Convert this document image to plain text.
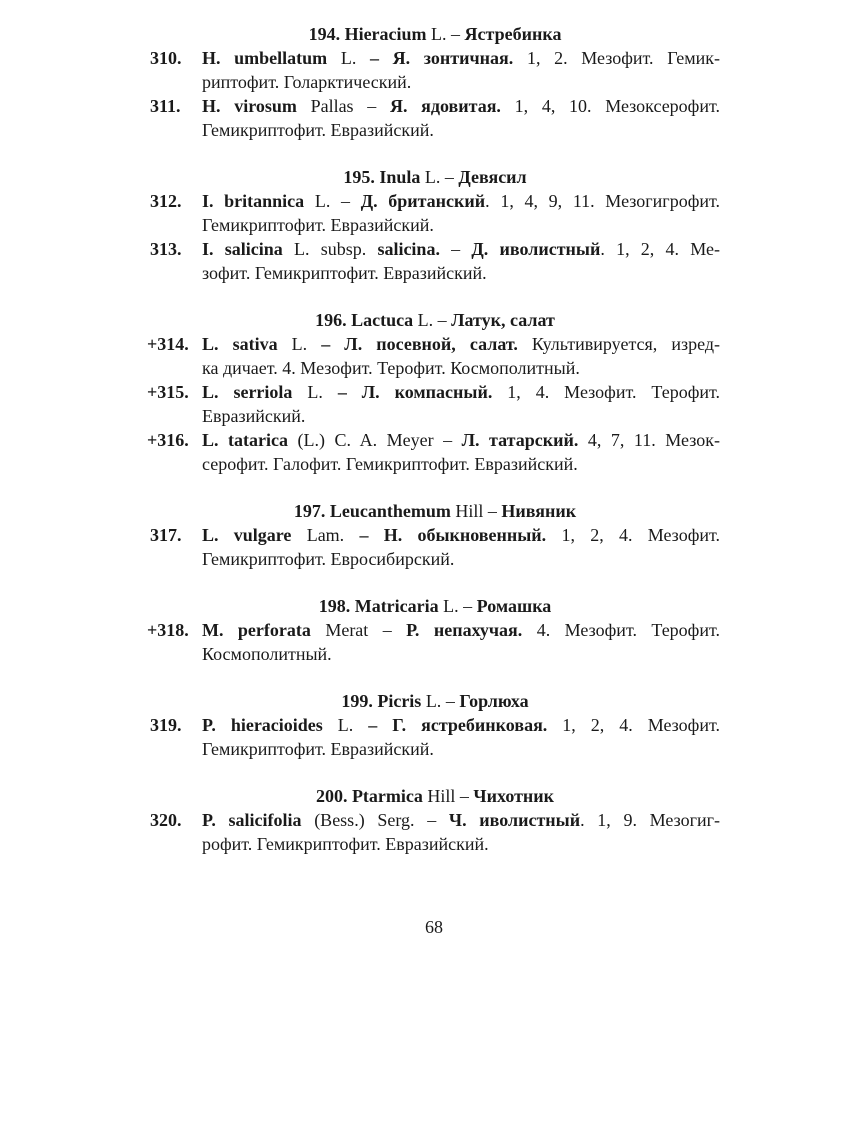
194. Hieracium L. – Ястребинка
310. H. umbellatum L. – Я. зонтичная. 1, 2. Мезофит. Гемик-
риптофит. Голарктический.
311. H. virosum Pallas – Я. ядовитая. 1, 4, 10. Мезоксерофит.
Гемикриптофит. Евразийский.
195. Inula L. – Девясил
312. I. britannica L. – Д. британский. 1, 4, 9, 11. Мезогигрофит.
Гемикриптофит. Евразийский.
313. I. salicina L. subsp. salicina. – Д. иволистный. 1, 2, 4. Ме-
зофит. Гемикриптофит. Евразийский.
196. Lactuca L. – Латук, салат
+314. L. sativa L. – Л. посевной, салат. Культивируется, изред-
ка дичает. 4. Мезофит. Терофит. Космополитный.
+315. L. serriola L. – Л. компасный. 1, 4. Мезофит. Терофит.
Евразийский.
+316. L. tatarica (L.) C. A. Meyer – Л. татарский. 4, 7, 11. Мезок-
серофит. Галофит. Гемикриптофит. Евразийский.
197. Leucanthemum Hill – Нивяник
317. L. vulgare Lam. – Н. обыкновенный. 1, 2, 4. Мезофит.
Гемикриптофит. Евросибирский.
198. Matricaria L. – Ромашка
+318. M. perforata Merat – Р. непахучая. 4. Мезофит. Терофит.
Космополитный.
199. Picris L. – Горлюха
319. P. hieracioides L. – Г. ястребинковая. 1, 2, 4. Мезофит.
Гемикриптофит. Евразийский.
200. Ptarmica Hill – Чихотник
320. P. salicifolia (Bess.) Serg. – Ч. иволистный. 1, 9. Мезогиг-
рофит. Гемикриптофит. Евразийский.
68
